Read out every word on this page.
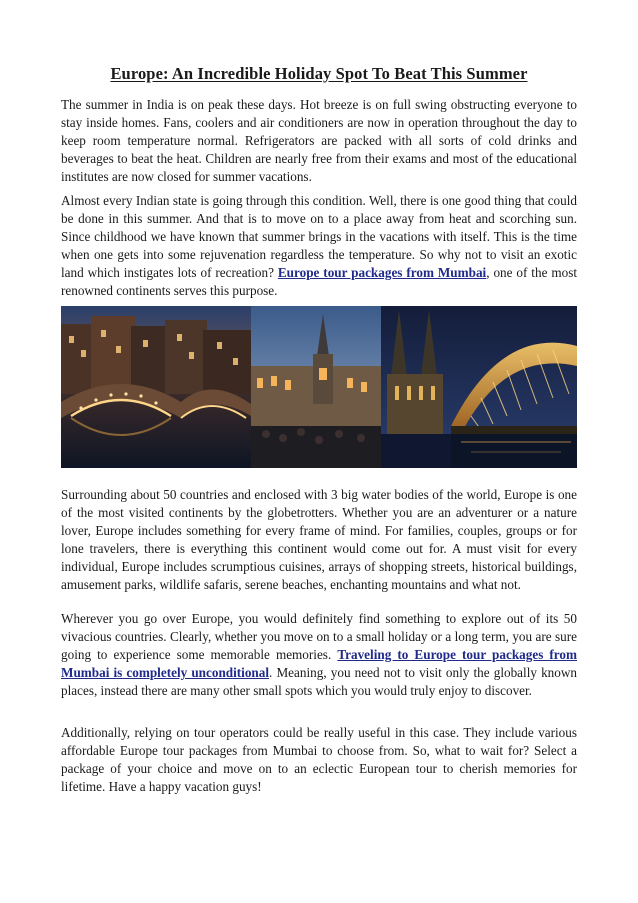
Europe: An Incredible Holiday Spot To Beat This Summer

The summer in India is on peak these days. Hot breeze is on full swing obstructing everyone to stay inside homes. Fans, coolers and air conditioners are now in operation throughout the day to keep room temperature normal. Refrigerators are packed with all sorts of cold drinks and beverages to beat the heat. Children are nearly free from their exams and most of the educational institutes are now closed for summer vacations.

Almost every Indian state is going through this condition. Well, there is one good thing that could be done in this summer. And that is to move on to a place away from heat and scorching sun. Since childhood we have known that summer brings in the vacations with itself. This is the time when one gets into some rejuvenation regardless the temperature. So why not to visit an exotic land which instigates lots of recreation? Europe tour packages from Mumbai, one of the most renowned continents serves this purpose.

Surrounding about 50 countries and enclosed with 3 big water bodies of the world, Europe is one of the most visited continents by the globetrotters. Whether you are an adventurer or a nature lover, Europe includes something for every frame of mind. For families, couples, groups or for lone travelers, there is everything this continent would come out for. A must visit for every individual, Europe includes scrumptious cuisines, arrays of shopping streets, historical buildings, amusement parks, wildlife safaris, serene beaches, enchanting mountains and what not.

Wherever you go over Europe, you would definitely find something to explore out of its 50 vivacious countries. Clearly, whether you move on to a small holiday or a long term, you are sure going to experience some memorable memories. Traveling to Europe tour packages from Mumbai is completely unconditional. Meaning, you need not to visit only the globally known places, instead there are many other small spots which you would truly enjoy to discover.

Additionally, relying on tour operators could be really useful in this case. They include various affordable Europe tour packages from Mumbai to choose from. So, what to wait for? Select a package of your choice and move on to an eclectic European tour to cherish memories for lifetime. Have a happy vacation guys!
